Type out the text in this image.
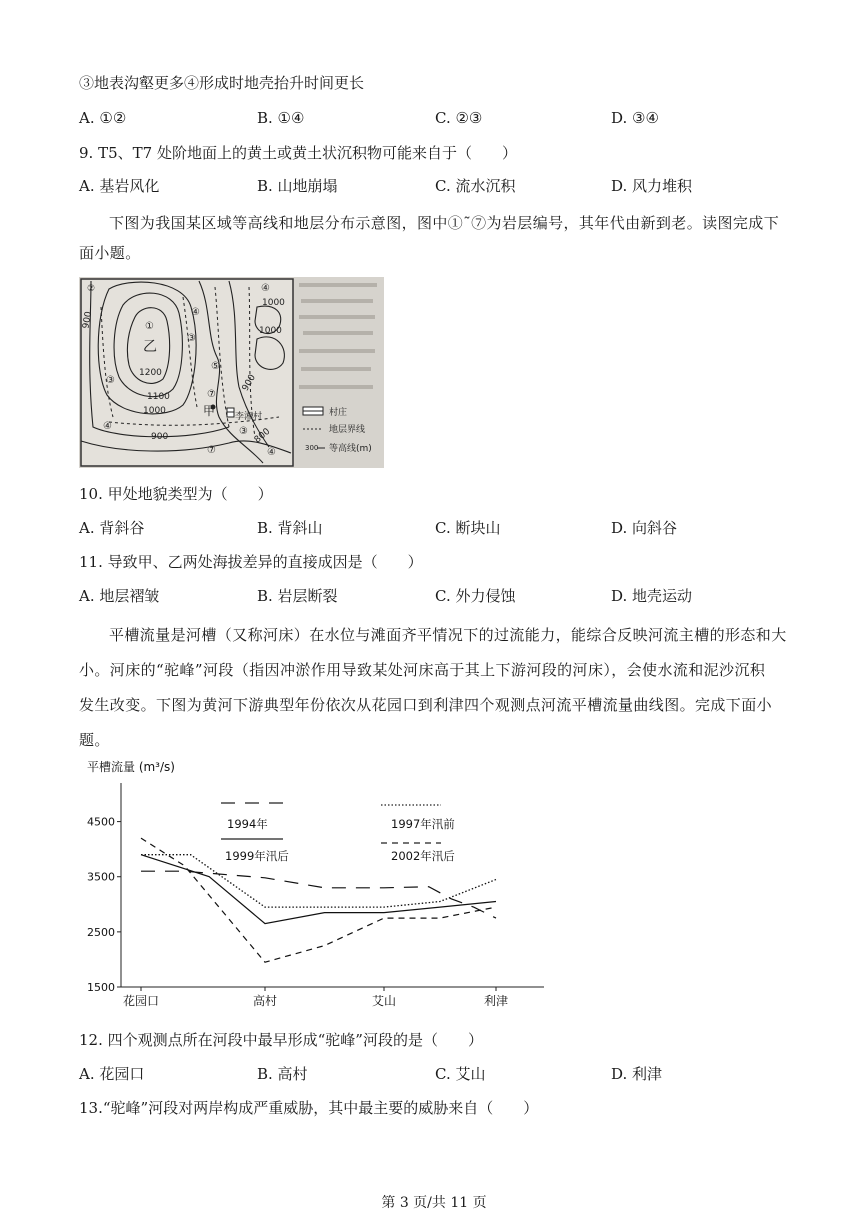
③地表沟壑更多④形成时地壳抬升时间更长
A. ①②	B. ①④	C. ②③	D. ③④
9. T5、T7 处阶地面上的黄土或黄土状沉积物可能来自于（　　）
A. 基岩风化	B. 山地崩塌	C. 流水沉积	D. 风力堆积
下图为我国某区域等高线和地层分布示意图，图中①˜⑦为岩层编号，其年代由新到老。读图完成下
面小题。
①
乙
1200
1100
1000
900
900
1000
1000
900
800
③
④
③
④
⑤
⑦
甲 李湘村
③
⑦
④
④
②
村庄
地层界线
300 等高线(m)
10. 甲处地貌类型为（　　）
A. 背斜谷	B. 背斜山	C. 断块山	D. 向斜谷
11. 导致甲、乙两处海拔差异的直接成因是（　　）
A. 地层褶皱	B. 岩层断裂	C. 外力侵蚀	D. 地壳运动
平槽流量是河槽（又称河床）在水位与滩面齐平情况下的过流能力，能综合反映河流主槽的形态和大
小。河床的“驼峰”河段（指因冲淤作用导致某处河床高于其上下游河段的河床），会使水流和泥沙沉积
发生改变。下图为黄河下游典型年份依次从花园口到利津四个观测点河流平槽流量曲线图。完成下面小
题。
平槽流量 (m³/s)
1500
2500
3500
4500
花园口	高村	艾山	利津
1994年	1997年汛前
1999年汛后	2002年汛后
12. 四个观测点所在河段中最早形成“驼峰”河段的是（　　）
A. 花园口	B. 高村	C. 艾山	D. 利津
13.“驼峰”河段对两岸构成严重威胁，其中最主要的威胁来自（　　）
第 3 页/共 11 页
